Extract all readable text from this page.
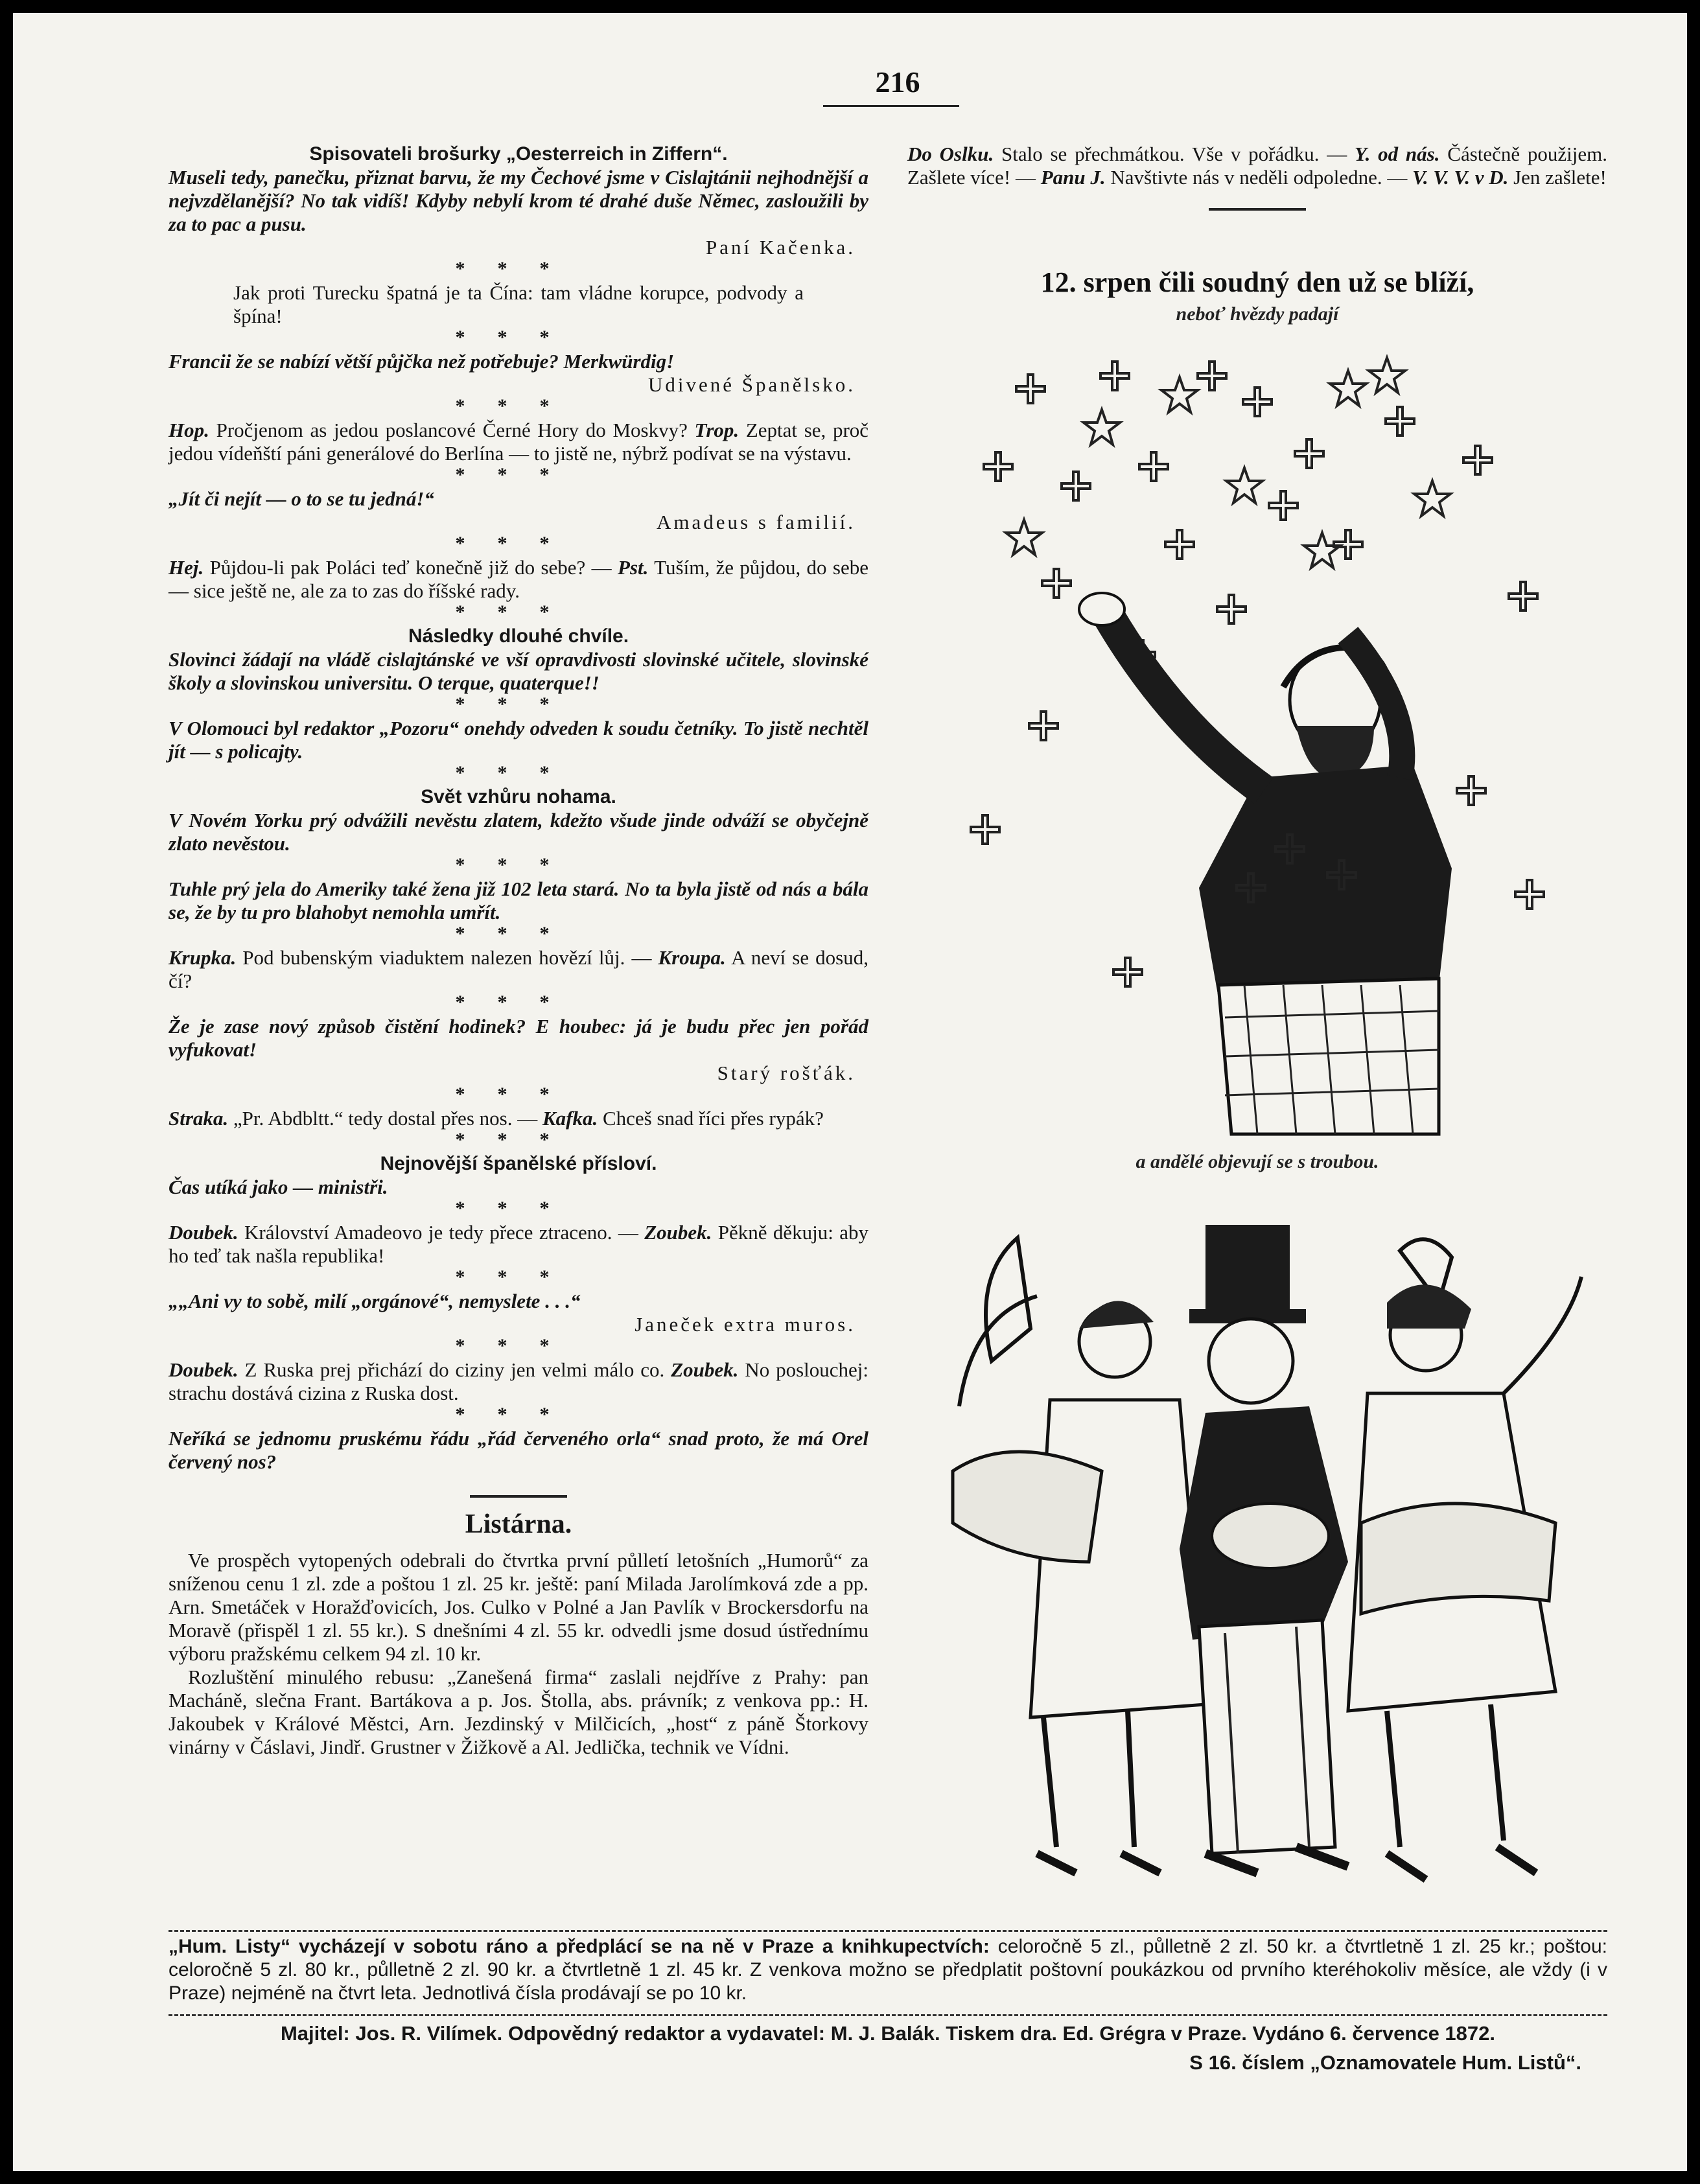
216

Spisovateli brošurky „Oesterreich in Ziffern“.

Museli tedy, panečku, přiznat barvu, že my Čechové jsme v Cislajtánii nejhodnější a nejvzdělanější? No tak vidíš! Kdyby nebylí krom té drahé duše Němec, zasloužili by za to pac a pusu.

Paní Kačenka.

***

Jak proti Turecku špatná je ta Čína: tam vládne korupce, podvody a špína!

***

Francii že se nabízí větší půjčka než potřebuje? Merkwürdig!

Udivené Španělsko.

***

Hop. Pročjenom as jedou poslancové Černé Hory do Moskvy? Trop. Zeptat se, proč jedou vídeňští páni generálové do Berlína — to jistě ne, nýbrž podívat se na výstavu.

***

„Jít či nejít — o to se tu jedná!“

Amadeus s familií.

***

Hej. Půjdou-li pak Poláci teď konečně již do sebe? — Pst. Tuším, že půjdou, do sebe — sice ještě ne, ale za to zas do říšské rady.

***

Následky dlouhé chvíle.

Slovinci žádají na vládě cislajtánské ve vší opravdivosti slovinské učitele, slovinské školy a slovinskou universitu. O terque, quaterque!!

***

V Olomouci byl redaktor „Pozoru“ onehdy odveden k soudu četníky. To jistě nechtěl jít — s policajty.

***

Svět vzhůru nohama.

V Novém Yorku prý odvážili nevěstu zlatem, kdežto všude jinde odváží se obyčejně zlato nevěstou.

***

Tuhle prý jela do Ameriky také žena již 102 leta stará. No ta byla jistě od nás a bála se, že by tu pro blahobyt nemohla umřít.

***

Krupka. Pod bubenským viaduktem nalezen hovězí lůj. — Kroupa. A neví se dosud, čí?

***

Že je zase nový způsob čistění hodinek? E houbec: já je budu přec jen pořád vyfukovat!

Starý rošťák.

***

Straka. „Pr. Abdbltt.“ tedy dostal přes nos. — Kafka. Chceš snad říci přes rypák?

***

Nejnovější španělské přísloví.

Čas utíká jako — ministři.

***

Doubek. Království Amadeovo je tedy přece ztraceno. — Zoubek. Pěkně děkuju: aby ho teď tak našla republika!

***

„„Ani vy to sobě, milí „orgánové“, nemyslete . . .“

Janeček extra muros.

***

Doubek. Z Ruska prej přichází do ciziny jen velmi málo co. Zoubek. No poslouchej: strachu dostává cizina z Ruska dost.

***

Neříká se jednomu pruskému řádu „řád červeného orla“ snad proto, že má Orel červený nos?

Listárna.

Ve prospěch vytopených odebrali do čtvrtka první půlletí letošních „Humorů“ za sníženou cenu 1 zl. zde a poštou 1 zl. 25 kr. ještě: paní Milada Jarolímková zde a pp. Arn. Smetáček v Horažďovicích, Jos. Culko v Polné a Jan Pavlík v Brockersdorfu na Moravě (přispěl 1 zl. 55 kr.). S dnešními 4 zl. 55 kr. odvedli jsme dosud ústřednímu výboru pražskému celkem 94 zl. 10 kr.

Rozluštění minulého rebusu: „Zanešená firma“ zaslali nejdříve z Prahy: pan Macháně, slečna Frant. Bartákova a p. Jos. Štolla, abs. právník; z venkova pp.: H. Jakoubek v Králové Městci, Arn. Jezdinský v Milčicích, „host“ z páně Štorkovy vinárny v Čáslavi, Jindř. Grustner v Žižkově a Al. Jedlička, technik ve Vídni.

Do Oslku. Stalo se přechmátkou. Vše v pořádku. — Y. od nás. Částečně použijem. Zašlete více! — Panu J. Navštivte nás v neděli odpoledne. — V. V. V. v D. Jen zašlete!

12. srpen čili soudný den už se blíží,
neboť hvězdy padají
a andělé objevují se s troubou.
„Hum. Listy“ vycházejí v sobotu ráno a předplácí se na ně v Praze a knihkupectvích: celoročně 5 zl., půlletně 2 zl. 50 kr. a čtvrtletně 1 zl. 25 kr.; poštou: celoročně 5 zl. 80 kr., půlletně 2 zl. 90 kr. a čtvrtletně 1 zl. 45 kr. Z venkova možno se předplatit poštovní poukázkou od prvního kteréhokoliv měsíce, ale vždy (i v Praze) nejméně na čtvrt leta. Jednotlivá čísla prodávají se po 10 kr.
Majitel: Jos. R. Vilímek. Odpovědný redaktor a vydavatel: M. J. Balák. Tiskem dra. Ed. Grégra v Praze. Vydáno 6. července 1872.
S 16. číslem „Oznamovatele Hum. Listů“.
